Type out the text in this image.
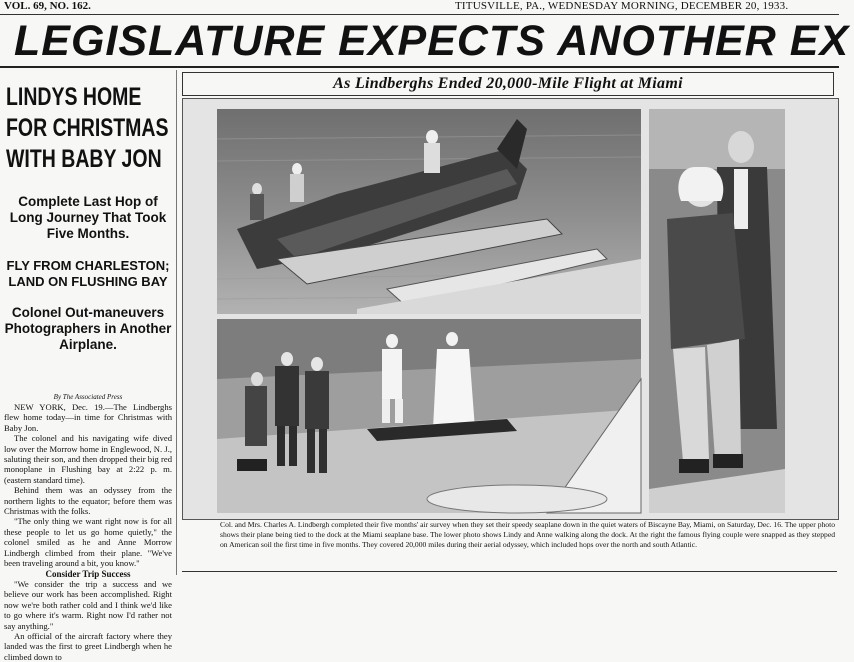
VOL. 69, NO. 162.	TITUSVILLE, PA., WEDNESDAY MORNING, DECEMBER 20, 1933.
LEGISLATURE EXPECTS ANOTHER EX
LINDYS HOME
FOR CHRISTMAS
WITH BABY JON
Complete Last Hop of Long Journey That Took Five Months.
FLY FROM CHARLESTON; LAND ON FLUSHING BAY
Colonel Out-maneuvers Photographers in Another Airplane.
By The Associated Press

NEW YORK, Dec. 19.—The Lindberghs flew home today—in time for Christmas with Baby Jon.

The colonel and his navigating wife dived low over the Morrow home in Englewood, N. J., saluting their son, and then dropped their big red monoplane in Flushing bay at 2:22 p. m. (eastern standard time).

Behind them was an odyssey from the northern lights to the equator; before them was Christmas with the folks.

"The only thing we want right now is for all these people to let us go home quietly," the colonel smiled as he and Anne Morrow Lindbergh climbed from their plane. "We've been traveling around a bit, you know."

Consider Trip Success

"We consider the trip a success and we believe our work has been accomplished. Right now we're both rather cold and I think we'd like to go where it's warm. Right now I'd rather not say anything."

An official of the aircraft factory where they landed was the first to greet Lindbergh when he climbed down to

As Lindberghs Ended 20,000-Mile Flight at Miami
Col. and Mrs. Charles A. Lindbergh completed their five months' air survey when they set their speedy seaplane down in the quiet waters of Biscayne Bay, Miami, on Saturday, Dec. 16. The upper photo shows their plane being tied to the dock at the Miami seaplane base. The lower photo shows Lindy and Anne walking along the dock. At the right the famous flying couple were snapped as they stepped on American soil the first time in five months. They covered 20,000 miles during their aerial odyssey, which included hops over the north and south Atlantic.
